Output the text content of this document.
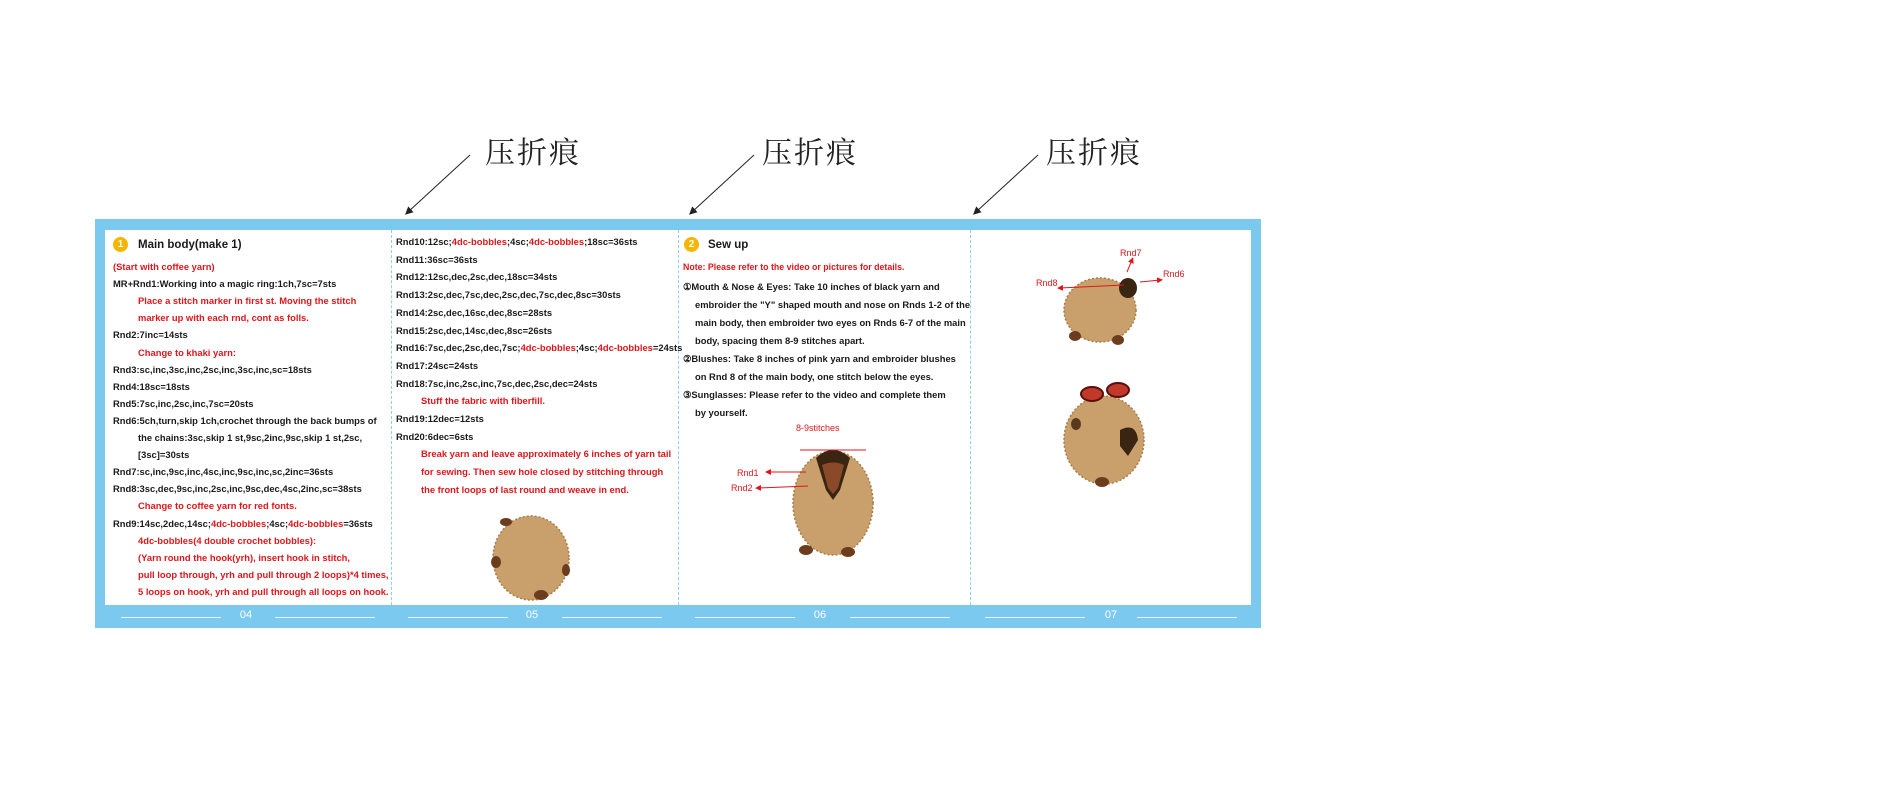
压折痕	压折痕	压折痕
1	Main body(make 1)
(Start with coffee yarn)
MR+Rnd1:Working into a magic ring:1ch,7sc=7sts
Place a stitch marker in first st. Moving the stitch
marker up with each rnd, cont as folls.
Rnd2:7inc=14sts
Change to khaki yarn:
Rnd3:sc,inc,3sc,inc,2sc,inc,3sc,inc,sc=18sts
Rnd4:18sc=18sts
Rnd5:7sc,inc,2sc,inc,7sc=20sts
Rnd6:5ch,turn,skip 1ch,crochet through the back bumps of
the chains:3sc,skip 1 st,9sc,2inc,9sc,skip 1 st,2sc,
[3sc]=30sts
Rnd7:sc,inc,9sc,inc,4sc,inc,9sc,inc,sc,2inc=36sts
Rnd8:3sc,dec,9sc,inc,2sc,inc,9sc,dec,4sc,2inc,sc=38sts
Change to coffee yarn for red fonts.
Rnd9:14sc,2dec,14sc;4dc-bobbles;4sc;4dc-bobbles=36sts
4dc-bobbles(4 double crochet bobbles):
(Yarn round the hook(yrh), insert hook in stitch,
pull loop through, yrh and pull through 2 loops)*4 times,
5 loops on hook, yrh and pull through all loops on hook.
Rnd10:12sc;4dc-bobbles;4sc;4dc-bobbles;18sc=36sts
Rnd11:36sc=36sts
Rnd12:12sc,dec,2sc,dec,18sc=34sts
Rnd13:2sc,dec,7sc,dec,2sc,dec,7sc,dec,8sc=30sts
Rnd14:2sc,dec,16sc,dec,8sc=28sts
Rnd15:2sc,dec,14sc,dec,8sc=26sts
Rnd16:7sc,dec,2sc,dec,7sc;4dc-bobbles;4sc;4dc-bobbles=24sts
Rnd17:24sc=24sts
Rnd18:7sc,inc,2sc,inc,7sc,dec,2sc,dec=24sts
Stuff the fabric with fiberfill.
Rnd19:12dec=12sts
Rnd20:6dec=6sts
Break yarn and leave approximately 6 inches of yarn tail
for sewing. Then sew hole closed by stitching through
the front loops of last round and weave in end.
2	Sew up
Note: Please refer to the video or pictures for details.
8-9stitches
Rnd1
Rnd2
①Mouth & Nose & Eyes: Take 10 inches of black yarn and
embroider the "Y" shaped mouth and nose on Rnds 1-2 of the
main body, then embroider two eyes on Rnds 6-7 of the main
body, spacing them 8-9 stitches apart.
②Blushes: Take 8 inches of pink yarn and embroider blushes
on Rnd 8 of the main body, one stitch below the eyes.
③Sunglasses: Please refer to the video and complete them
by yourself.
Rnd7
Rnd6
Rnd8
04	05	06	07
